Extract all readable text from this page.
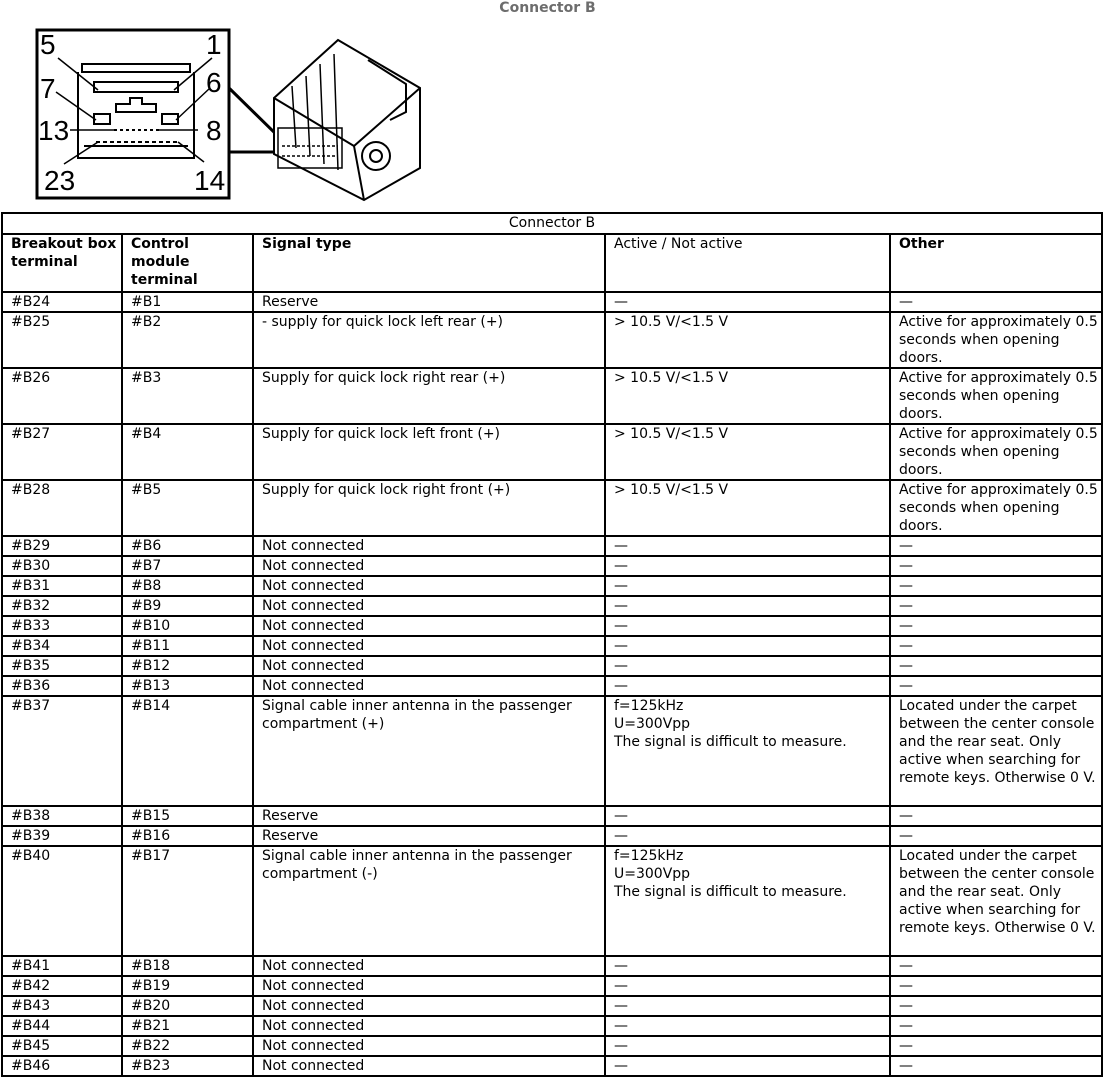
Connector B
5	1
7	6
13	8
23	14
Connector B				
Breakout box terminal	Control module terminal	Signal type	Active / Not active	Other
#B24	#B1	Reserve	—	—
#B25	#B2	- supply for quick lock left rear (+)	> 10.5 V/<1.5 V	Active for approximately 0.5 seconds when opening doors.
#B26	#B3	Supply for quick lock right rear (+)	> 10.5 V/<1.5 V	Active for approximately 0.5 seconds when opening doors.
#B27	#B4	Supply for quick lock left front (+)	> 10.5 V/<1.5 V	Active for approximately 0.5 seconds when opening doors.
#B28	#B5	Supply for quick lock right front (+)	> 10.5 V/<1.5 V	Active for approximately 0.5 seconds when opening doors.
#B29	#B6	Not connected	—	—
#B30	#B7	Not connected	—	—
#B31	#B8	Not connected	—	—
#B32	#B9	Not connected	—	—
#B33	#B10	Not connected	—	—
#B34	#B11	Not connected	—	—
#B35	#B12	Not connected	—	—
#B36	#B13	Not connected	—	—
#B37	#B14	Signal cable inner antenna in the passenger compartment (+)	f=125kHz
U=300Vpp
The signal is difficult to measure.	Located under the carpet between the center console and the rear seat. Only active when searching for remote keys. Otherwise 0 V.
#B38	#B15	Reserve	—	—
#B39	#B16	Reserve	—	—
#B40	#B17	Signal cable inner antenna in the passenger compartment (-)	f=125kHz
U=300Vpp
The signal is difficult to measure.	Located under the carpet between the center console and the rear seat. Only active when searching for remote keys. Otherwise 0 V.
#B41	#B18	Not connected	—	—
#B42	#B19	Not connected	—	—
#B43	#B20	Not connected	—	—
#B44	#B21	Not connected	—	—
#B45	#B22	Not connected	—	—
#B46	#B23	Not connected	—	—
